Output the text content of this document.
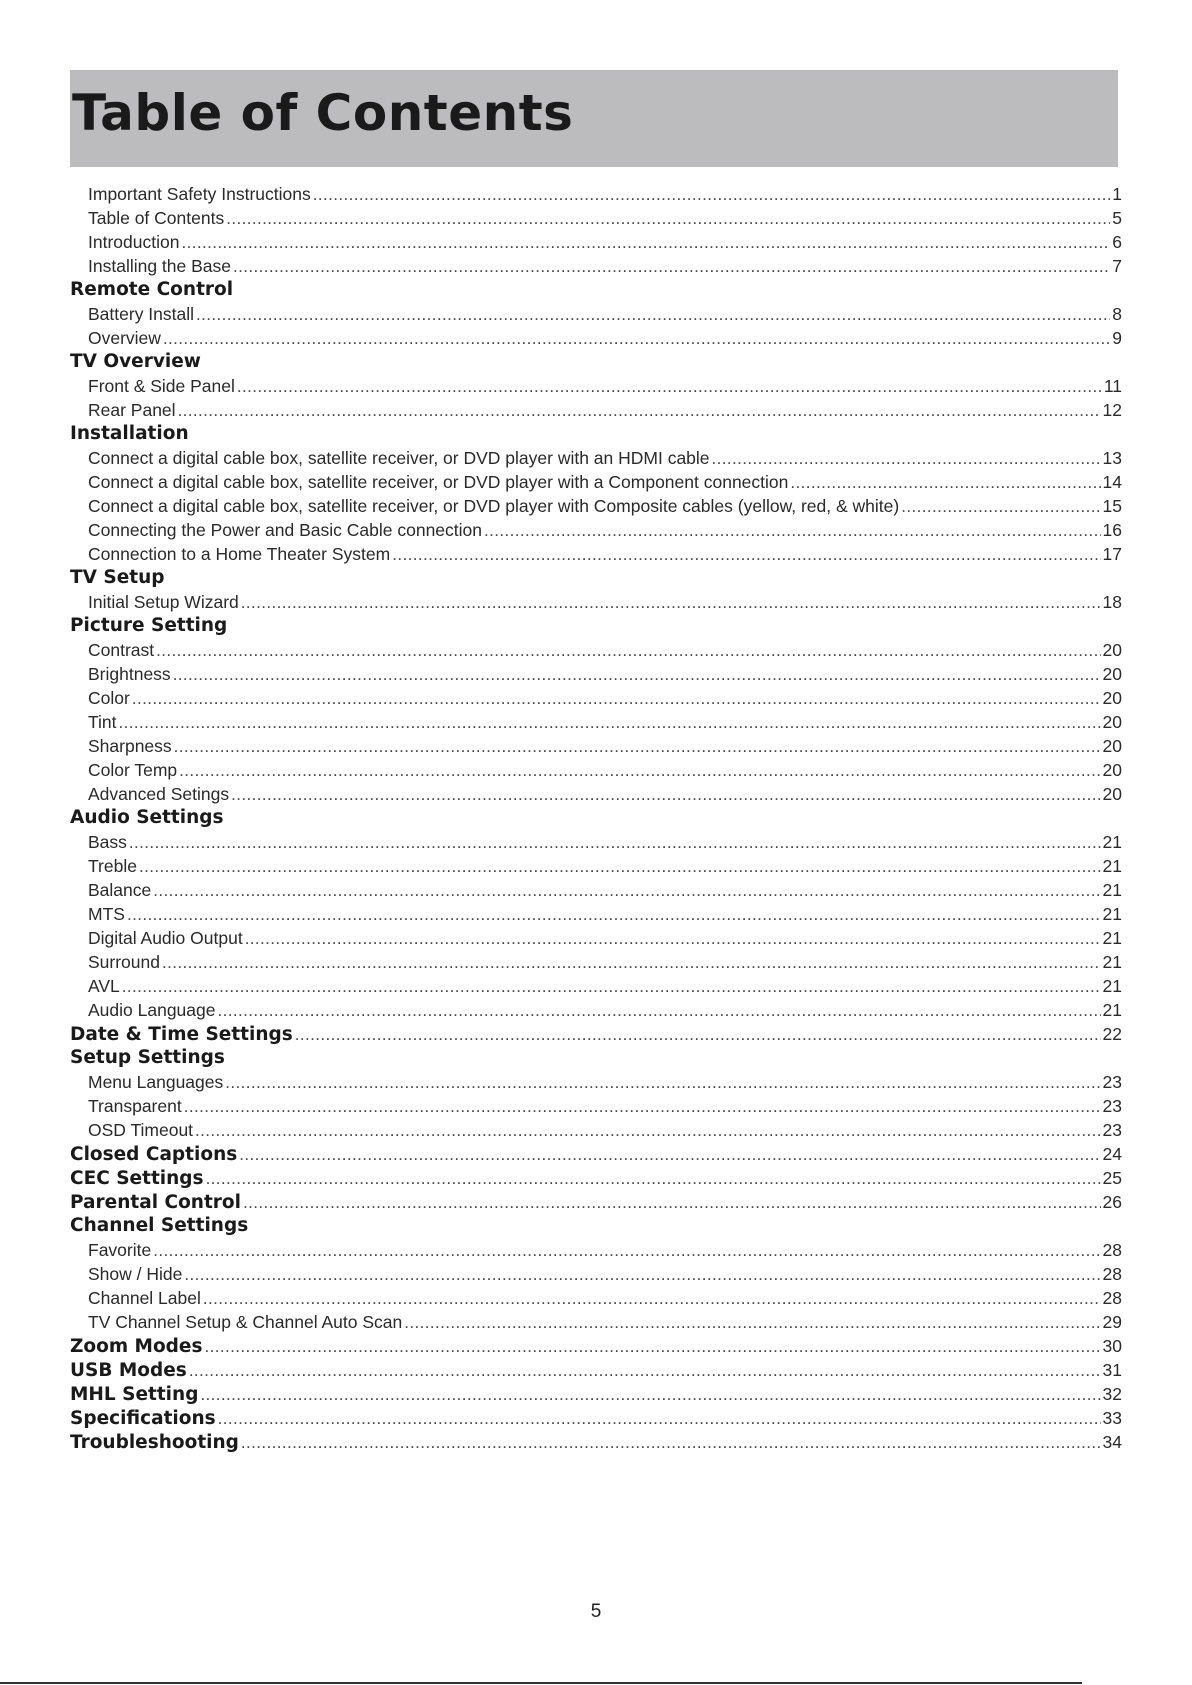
Table of Contents
Important Safety Instructions .....	1
Table of Contents .....	5
Introduction .....	6
Installing the Base .....	7
Remote Control
Battery Install .....	8
Overview .....	9
TV Overview
Front & Side Panel .....	11
Rear Panel .....	12
Installation
Connect a digital cable box, satellite receiver, or DVD player with an HDMI cable .....	13
Connect a digital cable box, satellite receiver, or DVD player with a Component connection .....	14
Connect a digital cable box, satellite receiver, or DVD player with Composite cables (yellow, red, & white) .....	15
Connecting the Power and Basic Cable connection .....	16
Connection to a Home Theater System .....	17
TV Setup
Initial Setup Wizard .....	18
Picture Setting
Contrast .....	20
Brightness .....	20
Color .....	20
Tint .....	20
Sharpness .....	20
Color Temp .....	20
Advanced Setings .....	20
Audio Settings
Bass .....	21
Treble .....	21
Balance .....	21
MTS .....	21
Digital Audio Output .....	21
Surround .....	21
AVL .....	21
Audio Language .....	21
Date & Time Settings .....	22
Setup Settings
Menu Languages .....	23
Transparent .....	23
OSD Timeout .....	23
Closed Captions .....	24
CEC Settings .....	25
Parental Control .....	26
Channel Settings
Favorite .....	28
Show / Hide .....	28
Channel Label .....	28
TV Channel Setup & Channel Auto Scan .....	29
Zoom Modes .....	30
USB Modes .....	31
MHL Setting .....	32
Specifications .....	33
Troubleshooting .....	34
5
